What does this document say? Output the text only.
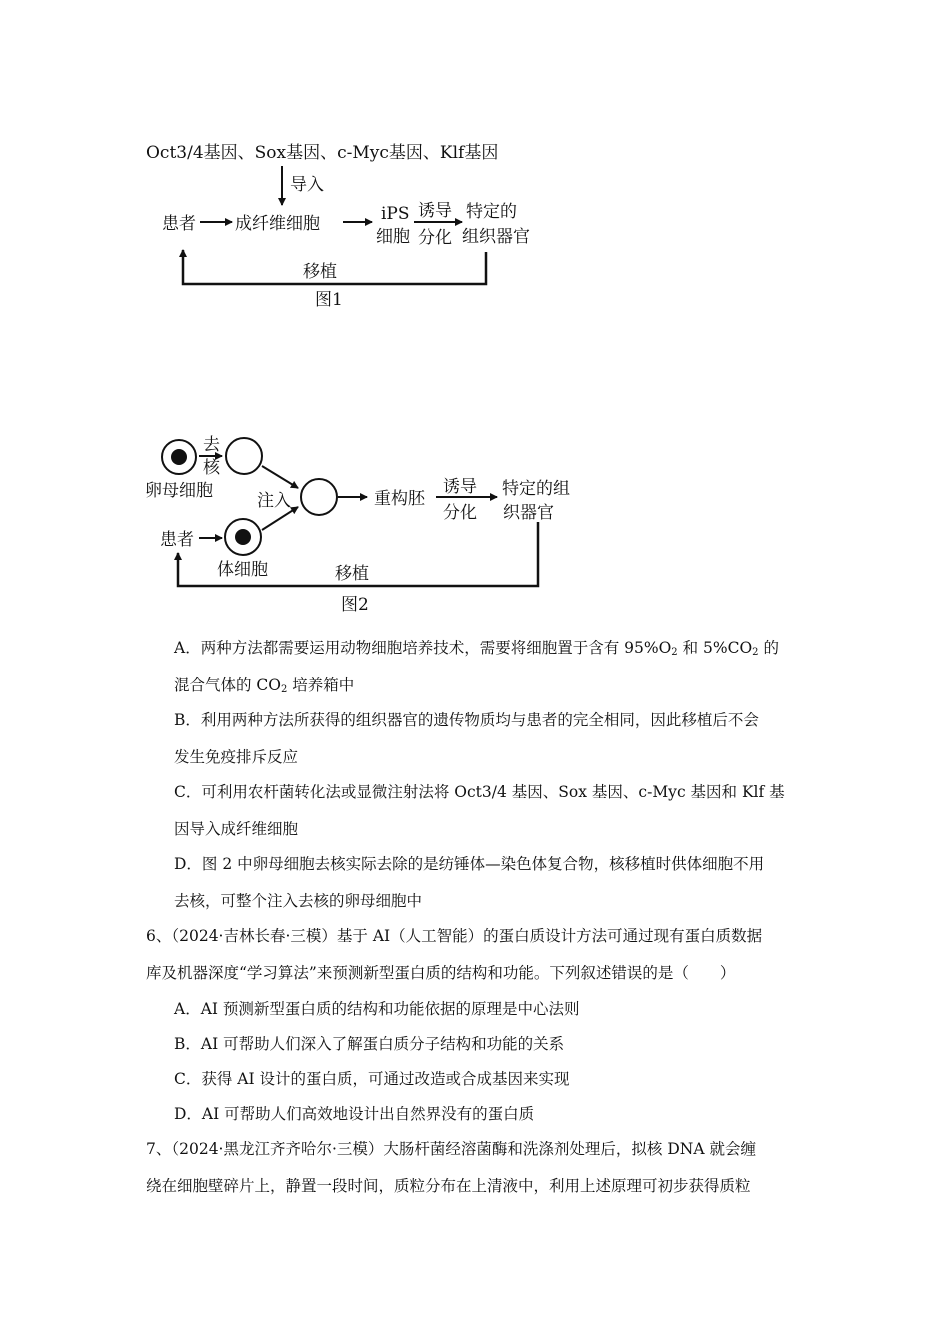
Oct3/4基因、Sox基因、c-Myc基因、Klf基因
导入
患者 成纤维细胞	iPS
细胞
诱导
分化
特定的
组织器官
移植
图1
去
核
卵母细胞	注入	重构胚
诱导
分化
特定的组
织器官
患者
体细胞	移植
图2
A．两种方法都需要运用动物细胞培养技术，需要将细胞置于含有 $95\%O_2$ 和 $5\%CO_2$ 的
混合气体的 $CO_2$ 培养箱中
B．利用两种方法所获得的组织器官的遗传物质均与患者的完全相同，因此移植后不会
发生免疫排斥反应
C．可利用农杆菌转化法或显微注射法将 Oct3/4 基因、Sox 基因、c-Myc 基因和 Klf 基
因导入成纤维细胞
D．图 2 中卵母细胞去核实际去除的是纺锤体—染色体复合物，核移植时供体细胞不用
去核，可整个注入去核的卵母细胞中
6、（2024·吉林长春·三模）基于 AI（人工智能）的蛋白质设计方法可通过现有蛋白质数据
库及机器深度“学习算法”来预测新型蛋白质的结构和功能。下列叙述错误的是（　　）
A．AI 预测新型蛋白质的结构和功能依据的原理是中心法则
B．AI 可帮助人们深入了解蛋白质分子结构和功能的关系
C．获得 AI 设计的蛋白质，可通过改造或合成基因来实现
D．AI 可帮助人们高效地设计出自然界没有的蛋白质
7、（2024·黑龙江齐齐哈尔·三模）大肠杆菌经溶菌酶和洗涤剂处理后，拟核 DNA 就会缠
绕在细胞壁碎片上，静置一段时间，质粒分布在上清液中，利用上述原理可初步获得质粒
